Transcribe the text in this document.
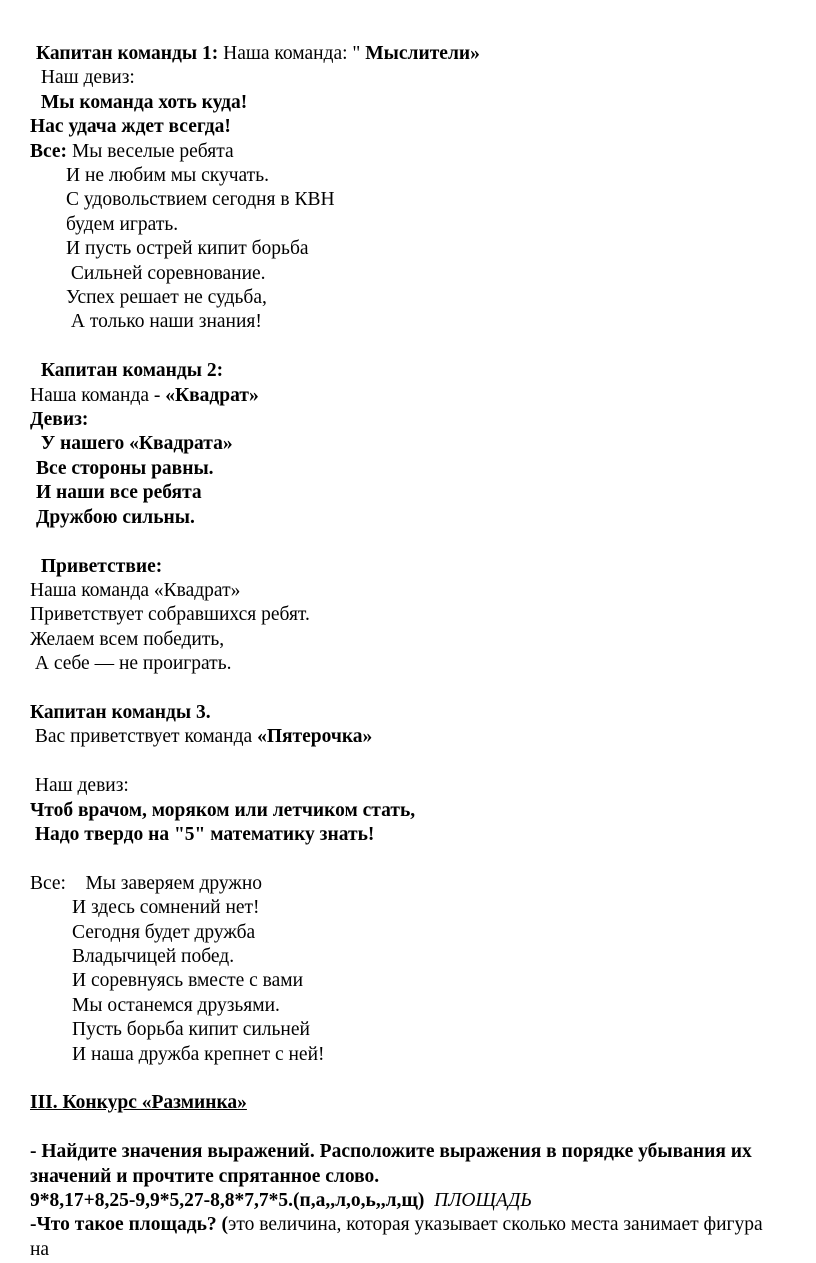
Капитан команды 1: Наша команда: " Мыслители»
Наш девиз:
Мы команда хоть куда!
Нас удача ждет всегда!
Все: Мы веселые ребята
И не любим мы скучать.
С удовольствием сегодня в КВН
будем играть.
И пусть острей кипит борьба
Сильней соревнование.
Успех решает не судьба,
А только наши знания!
Капитан команды 2:
Наша команда - «Квадрат»
Девиз:
У нашего «Квадрата»
Все стороны равны.
И наши все ребята
Дружбою сильны.
Приветствие:
Наша команда «Квадрат»
Приветствует собравшихся ребят.
Желаем всем победить,
А себе — не проиграть.
Капитан команды 3.
Вас приветствует команда «Пятерочка»
Наш девиз:
Чтоб врачом, моряком или летчиком стать,
Надо твердо на "5" математику знать!
Все:    Мы заверяем дружно
И здесь сомнений нет!
Сегодня будет дружба
Владычицей побед.
И соревнуясь вместе с вами
Мы останемся друзьями.
Пусть борьба кипит сильней
И наша дружба крепнет с ней!
III. Конкурс «Разминка»
- Найдите значения выражений. Расположите выражения в порядке убывания их
значений и прочтите спрятанное слово.
9*8,17+8,25-9,9*5,27-8,8*7,7*5.(п,а,,л,о,ь,,л,щ)  ПЛОЩАДЬ
-Что такое площадь? (это величина, которая указывает сколько места занимает фигура на
